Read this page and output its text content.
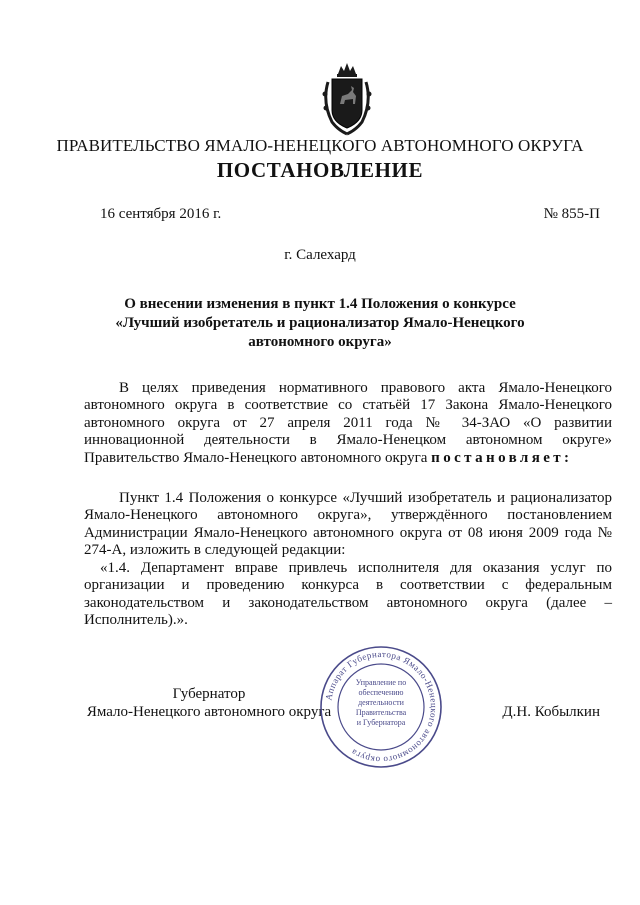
ПРАВИТЕЛЬСТВО ЯМАЛО-НЕНЕЦКОГО АВТОНОМНОГО ОКРУГА
ПОСТАНОВЛЕНИЕ
16 сентября 2016 г.	№ 855-П
г. Салехард
О внесении изменения в пункт 1.4 Положения о конкурсе
«Лучший изобретатель и рационализатор Ямало-Ненецкого
автономного округа»

В целях приведения нормативного правового акта Ямало-Ненецкого автономного округа в соответствие со статьёй 17 Закона Ямало-Ненецкого автономного округа от 27 апреля 2011 года № 34-ЗАО «О развитии инновационной деятельности в Ямало-Ненецком автономном округе» Правительство Ямало-Ненецкого автономного округа постановляет:

Пункт 1.4 Положения о конкурсе «Лучший изобретатель и рационализатор Ямало-Ненецкого автономного округа», утверждённого постановлением Администрации Ямало-Ненецкого автономного округа от 08 июня 2009 года № 274-А, изложить в следующей редакции:

«1.4. Департамент вправе привлечь исполнителя для оказания услуг по организации и проведению конкурса в соответствии с федеральным законодательством и законодательством автономного округа (далее – Исполнитель).».

Губернатор
Ямало-Ненецкого автономного округа	Д.Н. Кобылкин
Аппарат Губернатора Ямало-Ненецкого автономного округа
Управление по
обеспечению
деятельности
Правительства
и Губернатора
